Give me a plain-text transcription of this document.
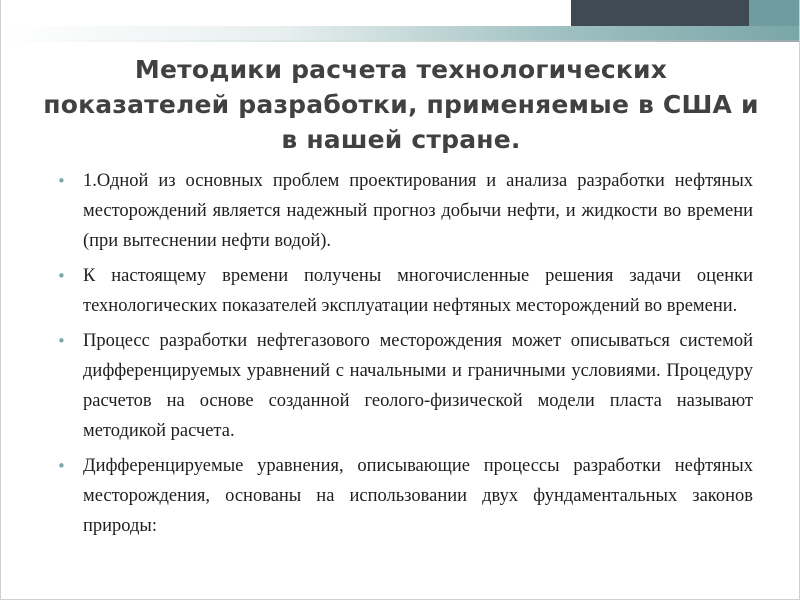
Методики расчета технологических показателей разработки, применяемые в США и в нашей стране.
• 1.Одной из основных проблем проектирования и анализа разработки нефтяных месторождений является надежный прогноз добычи нефти, и жидкости во времени (при вытеснении нефти водой).
• К настоящему времени получены многочисленные решения задачи оценки технологических показателей эксплуатации нефтяных месторождений во времени.
• Процесс разработки нефтегазового месторождения может описываться системой дифференцируемых уравнений с начальными и граничными условиями. Процедуру расчетов на основе созданной геолого-физической модели пласта называют методикой расчета.
• Дифференцируемые уравнения, описывающие процессы разработки нефтяных месторождения, основаны на использовании двух фундаментальных законов природы:
